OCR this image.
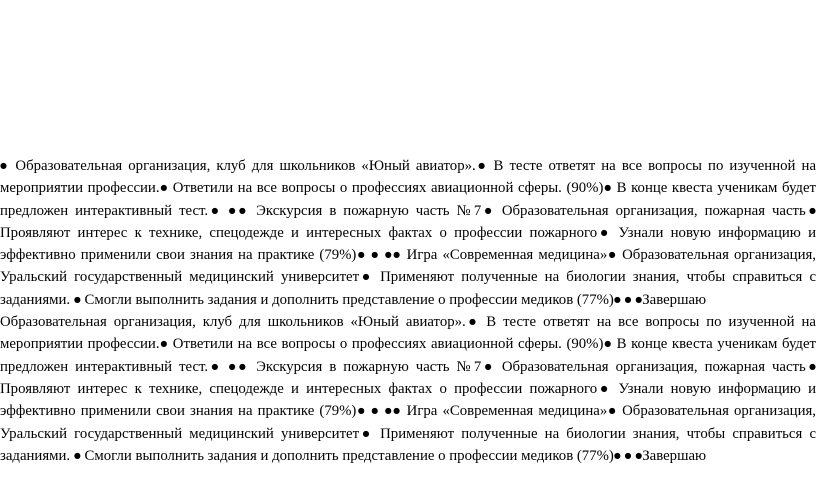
● Образовательная организация, клуб для школьников «Юный авиатор».● В тесте ответят на все вопросы по изученной на мероприятии профессии.● Ответили на все вопросы о профессиях авиационной сферы. (90%)● В конце квеста ученикам будет предложен интерактивный тест.● ●● Экскурсия в пожарную часть №7● Образовательная организация, пожарная часть● Проявляют интерес к технике, спецодежде и интересных фактах о профессии пожарного● Узнали новую информацию и эффективно применили свои знания на практике (79%)● ● ●● Игра «Современная медицина»● Образовательная организация, Уральский государственный медицинский университет● Применяют полученные на биологии знания, чтобы справиться с заданиями. ● Смогли выполнить задания и дополнить представление о профессии медиков (77%)● ● ●Завершаю

Образовательная организация, клуб для школьников «Юный авиатор».● В тесте ответят на все вопросы по изученной на мероприятии профессии.● Ответили на все вопросы о профессиях авиационной сферы. (90%)● В конце квеста ученикам будет предложен интерактивный тест.● ●● Экскурсия в пожарную часть №7● Образовательная организация, пожарная часть● Проявляют интерес к технике, спецодежде и интересных фактах о профессии пожарного● Узнали новую информацию и эффективно применили свои знания на практике (79%)● ● ●● Игра «Современная медицина»● Образовательная организация, Уральский государственный медицинский университет● Применяют полученные на биологии знания, чтобы справиться с заданиями. ● Смогли выполнить задания и дополнить представление о профессии медиков (77%)● ● ●Завершаю
